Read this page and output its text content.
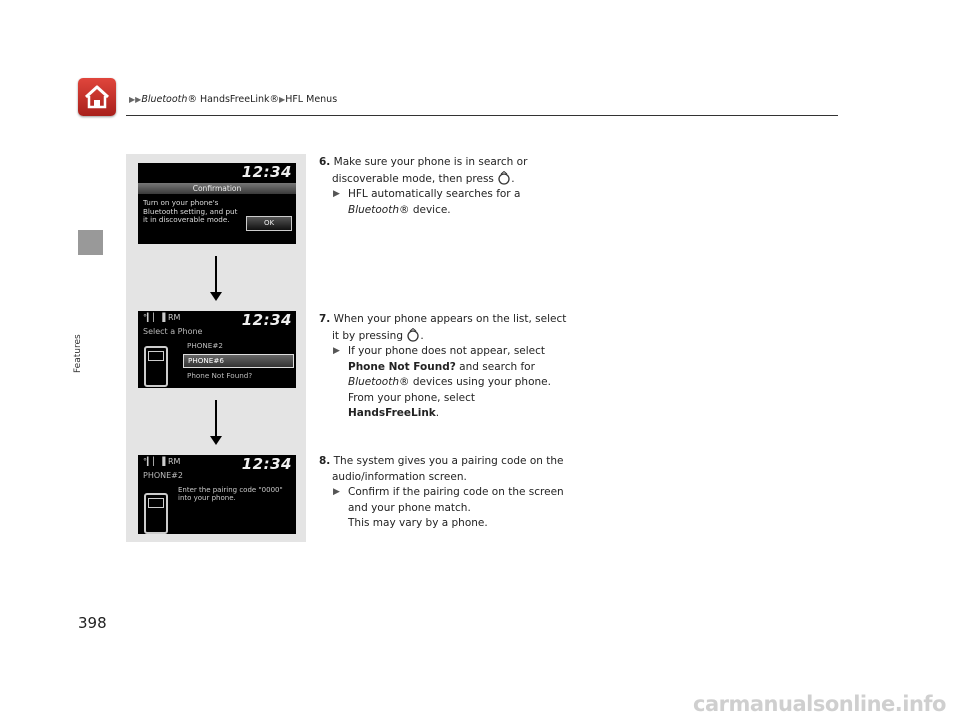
▶▶Bluetooth® HandsFreeLink®▶HFL Menus
Features
398
12:34
Confirmation
Turn on your phone's Bluetooth setting, and put it in discoverable mode.	OK
°▎▏▐ RM	12:34
Select a Phone
PHONE#2
PHONE#6
Phone Not Found?
°▎▏▐ RM	12:34
PHONE#2
Enter the pairing code "0000" into your phone.
6. Make sure your phone is in search or
discoverable mode, then press .
▶ HFL automatically searches for a
Bluetooth® device.
7. When your phone appears on the list, select
it by pressing .
▶ If your phone does not appear, select
Phone Not Found? and search for
Bluetooth® devices using your phone.
From your phone, select
HandsFreeLink.
8. The system gives you a pairing code on the
audio/information screen.
▶ Confirm if the pairing code on the screen
and your phone match.
This may vary by a phone.
carmanualsonline.info
